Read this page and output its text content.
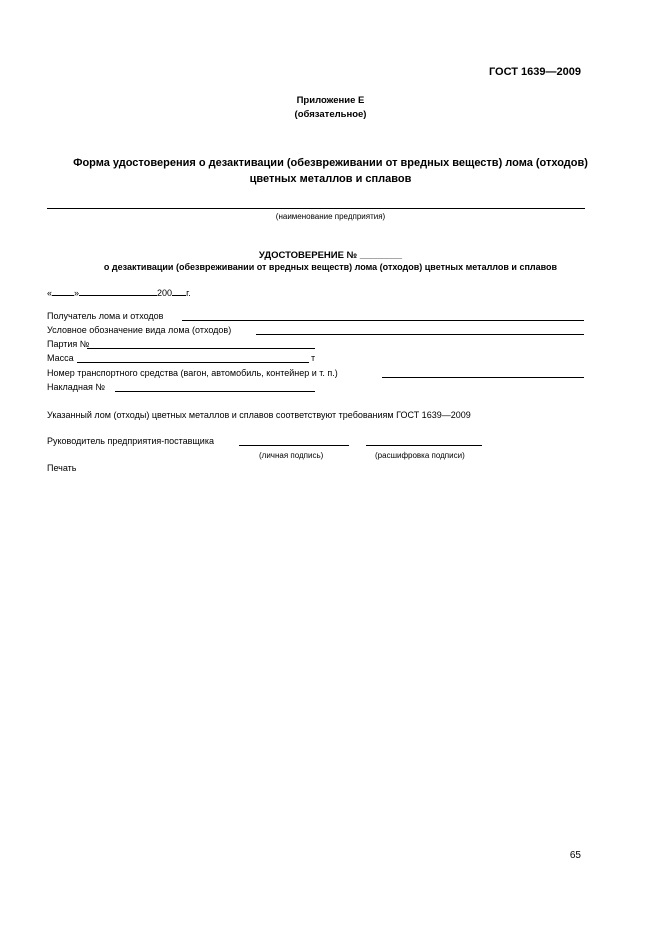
ГОСТ 1639—2009
Приложение Е
(обязательное)
Форма удостоверения о дезактивации (обезвреживании от вредных веществ) лома (отходов)
цветных металлов и сплавов
(наименование предприятия)
УДОСТОВЕРЕНИЕ № ________
о дезактивации (обезвреживании от вредных веществ) лома (отходов) цветных металлов и сплавов
« »	200 г.
Получатель лома и отходов
Условное обозначение вида лома (отходов)
Партия №
Масса	т
Номер транспортного средства (вагон, автомобиль, контейнер и т. п.)
Накладная №
Указанный лом (отходы) цветных металлов и сплавов соответствуют требованиям ГОСТ 1639—2009
Руководитель предприятия-поставщика
(личная подпись)	(расшифровка подписи)
Печать
65
